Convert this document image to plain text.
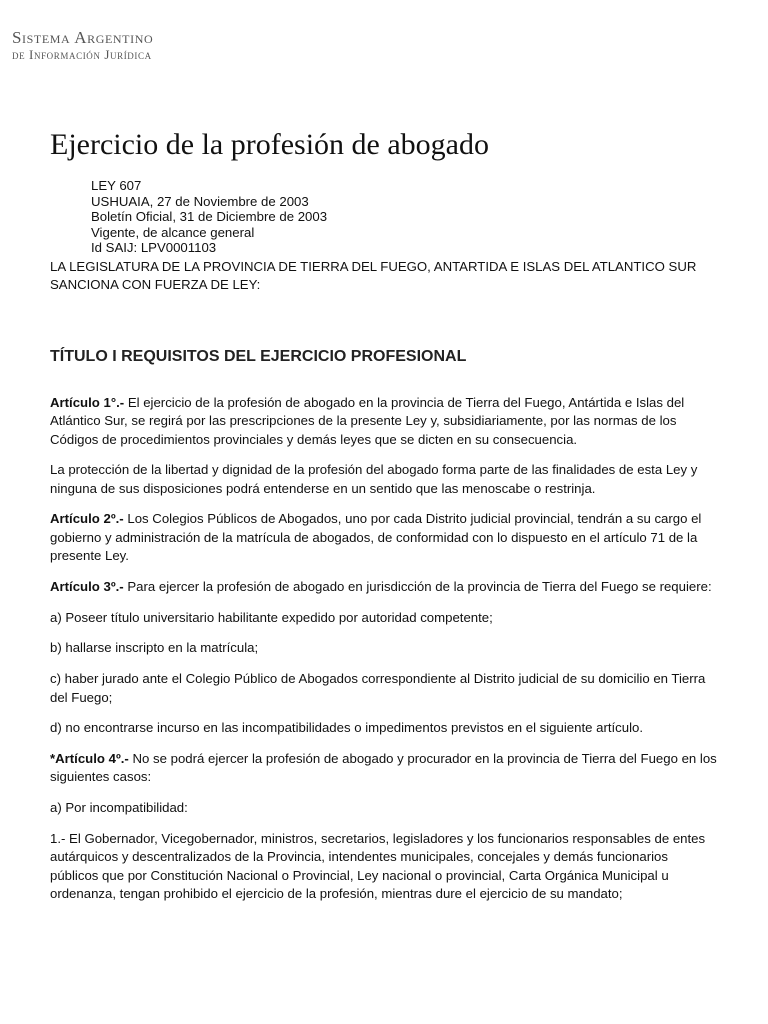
Sistema Argentino
de Información Jurídica
Ejercicio de la profesión de abogado
LEY 607
USHUAIA, 27 de Noviembre de 2003
Boletín Oficial, 31 de Diciembre de 2003
Vigente, de alcance general
Id SAIJ: LPV0001103
LA LEGISLATURA DE LA PROVINCIA DE TIERRA DEL FUEGO, ANTARTIDA E ISLAS DEL ATLANTICO SUR
SANCIONA CON FUERZA DE LEY:
TÍTULO I REQUISITOS DEL EJERCICIO PROFESIONAL

Artículo 1°.- El ejercicio de la profesión de abogado en la provincia de Tierra del Fuego, Antártida e Islas del Atlántico Sur, se regirá por las prescripciones de la presente Ley y, subsidiariamente, por las normas de los Códigos de procedimientos provinciales y demás leyes que se dicten en su consecuencia.

La protección de la libertad y dignidad de la profesión del abogado forma parte de las finalidades de esta Ley y ninguna de sus disposiciones podrá entenderse en un sentido que las menoscabe o restrinja.

Artículo 2º.- Los Colegios Públicos de Abogados, uno por cada Distrito judicial provincial, tendrán a su cargo el gobierno y administración de la matrícula de abogados, de conformidad con lo dispuesto en el artículo 71 de la presente Ley.

Artículo 3º.- Para ejercer la profesión de abogado en jurisdicción de la provincia de Tierra del Fuego se requiere:

a) Poseer título universitario habilitante expedido por autoridad competente;

b) hallarse inscripto en la matrícula;

c) haber jurado ante el Colegio Público de Abogados correspondiente al Distrito judicial de su domicilio en Tierra del Fuego;

d) no encontrarse incurso en las incompatibilidades o impedimentos previstos en el siguiente artículo.

*Artículo 4º.- No se podrá ejercer la profesión de abogado y procurador en la provincia de Tierra del Fuego en los siguientes casos:

a) Por incompatibilidad:

1.- El Gobernador, Vicegobernador, ministros, secretarios, legisladores y los funcionarios responsables de entes autárquicos y descentralizados de la Provincia, intendentes municipales, concejales y demás funcionarios públicos que por Constitución Nacional o Provincial, Ley nacional o provincial, Carta Orgánica Municipal u ordenanza, tengan prohibido el ejercicio de la profesión, mientras dure el ejercicio de su mandato;
